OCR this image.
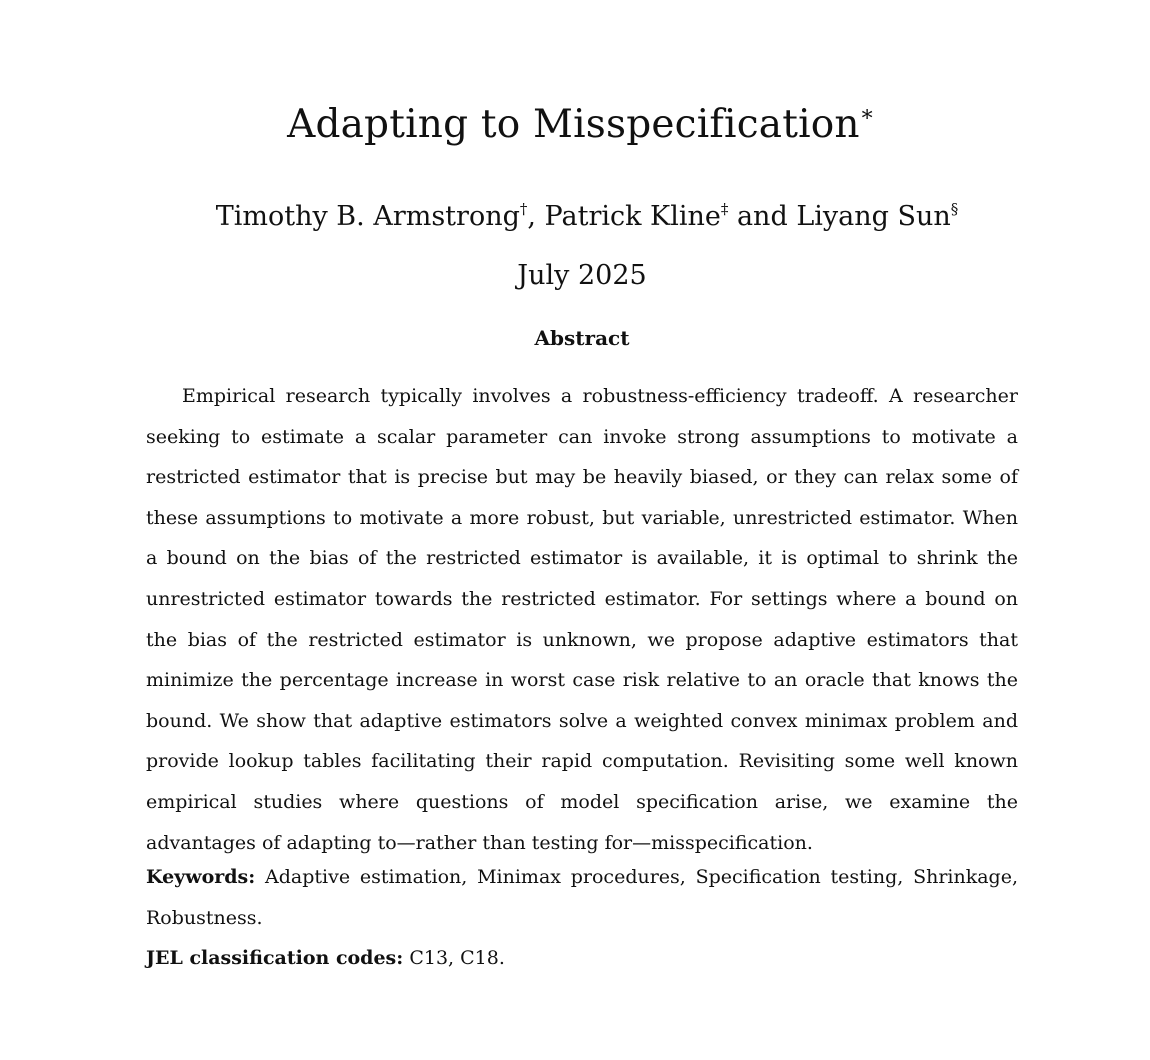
Adapting to Misspecification∗
Timothy B. Armstrong†, Patrick Kline‡ and Liyang Sun§
July 2025
Abstract

Empirical research typically involves a robustness-efficiency tradeoff. A researcher seeking to estimate a scalar parameter can invoke strong assumptions to motivate a restricted estimator that is precise but may be heavily biased, or they can relax some of these assumptions to motivate a more robust, but variable, unrestricted estimator. When a bound on the bias of the restricted estimator is available, it is optimal to shrink the unrestricted estimator towards the restricted estimator. For settings where a bound on the bias of the restricted estimator is unknown, we propose adaptive estimators that minimize the percentage increase in worst case risk relative to an oracle that knows the bound. We show that adaptive estimators solve a weighted convex minimax problem and provide lookup tables facilitating their rapid computation. Revisiting some well known empirical studies where questions of model specification arise, we examine the advantages of adapting to—rather than testing for—misspecification.

Keywords: Adaptive estimation, Minimax procedures, Specification testing, Shrinkage, Robustness.

JEL classification codes: C13, C18.
